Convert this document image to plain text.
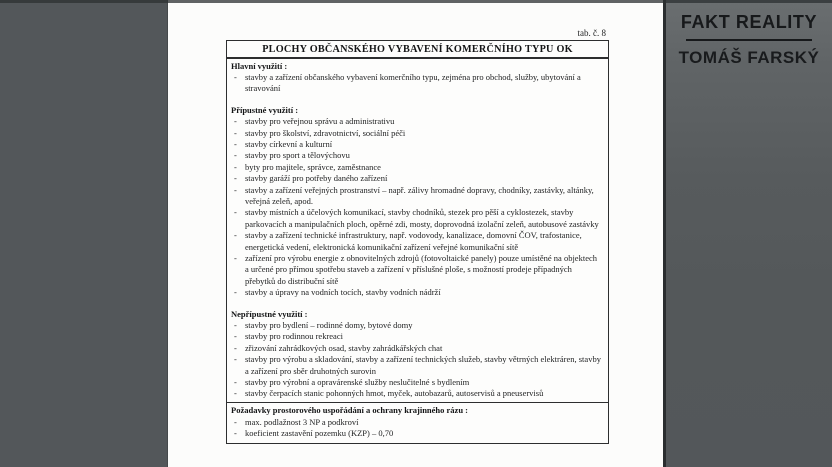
tab. č. 8
PLOCHY OBČANSKÉHO VYBAVENÍ KOMERČNÍHO TYPU OK
Hlavní využití :
- stavby a zařízení občanského vybavení komerčního typu, zejména pro obchod, služby, ubytování a stravování
Přípustné využití :
- stavby pro veřejnou správu a administrativu
- stavby pro školství, zdravotnictví, sociální péči
- stavby církevní a kulturní
- stavby pro sport a tělovýchovu
- byty pro majitele, správce, zaměstnance
- stavby garáží pro potřeby daného zařízení
- stavby a zařízení veřejných prostranství – např. zálivy hromadné dopravy, chodníky, zastávky, altánky, veřejná zeleň, apod.
- stavby místních a účelových komunikací, stavby chodníků, stezek pro pěší a cyklostezek, stavby parkovacích a manipulačních ploch, opěrné zdi, mosty, doprovodná izolační zeleň, autobusové zastávky
- stavby a zařízení technické infrastruktury, např. vodovody, kanalizace, domovní ČOV, trafostanice, energetická vedení, elektronická komunikační zařízení veřejné komunikační sítě
- zařízení pro výrobu energie z obnovitelných zdrojů (fotovoltaické panely) pouze umístěné na objektech a určené pro přímou spotřebu staveb a zařízení v příslušné ploše, s možností prodeje případných přebytků do distribuční sítě
- stavby a úpravy na vodních tocích, stavby vodních nádrží
Nepřípustné využití :
- stavby pro bydlení – rodinné domy, bytové domy
- stavby pro rodinnou rekreaci
- zřizování zahrádkových osad, stavby zahrádkářských chat
- stavby pro výrobu a skladování, stavby a zařízení technických služeb, stavby větrných elektráren, stavby a zařízení pro sběr druhotných surovin
- stavby pro výrobní a opravárenské služby neslučitelné s bydlením
- stavby čerpacích stanic pohonných hmot, myček, autobazarů, autoservisů a pneuservisů
Požadavky prostorového uspořádání a ochrany krajinného rázu :
- max. podlažnost 3 NP a podkroví
- koeficient zastavění pozemku (KZP) – 0,70
FAKT REALITY
TOMÁŠ FARSKÝ
